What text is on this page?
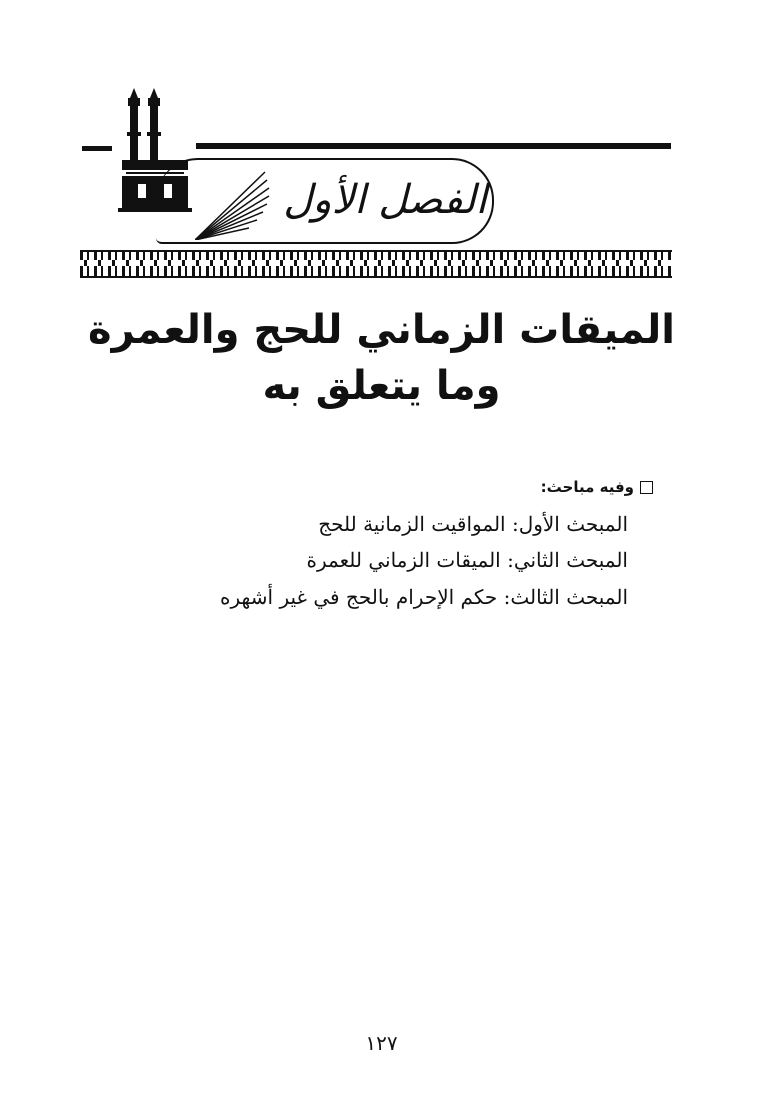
الفصل الأول
الميقات الزماني للحج والعمرة
وما يتعلق به
وفيه مباحث:
المبحث الأول: المواقيت الزمانية للحج
المبحث الثاني: الميقات الزماني للعمرة
المبحث الثالث: حكم الإحرام بالحج في غير أشهره
١٢٧
